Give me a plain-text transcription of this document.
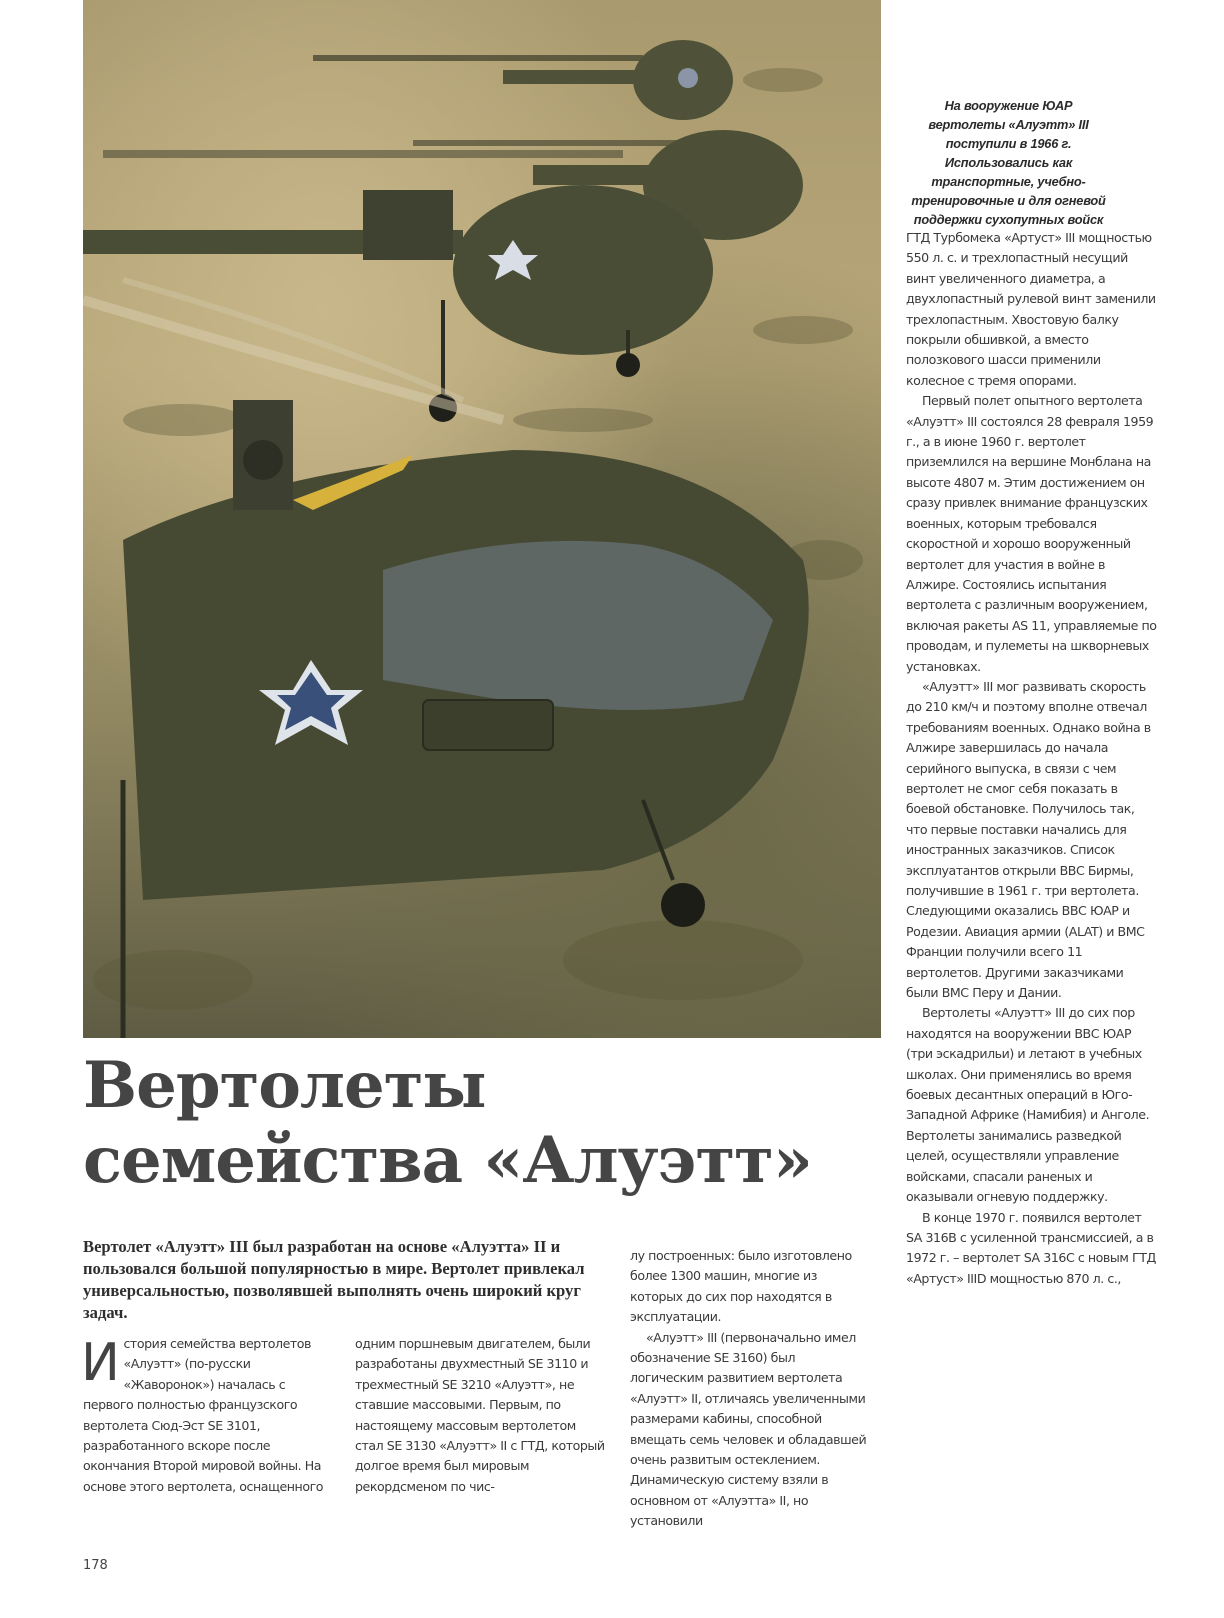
На вооружение ЮАР вертолеты «Алуэтт» III поступили в 1966 г. Использовались как транспортные, учебно-тренировочные и для огневой поддержки сухопутных войск
Вертолеты
семейства «Алуэтт»
Вертолет «Алуэтт» III был разработан на основе «Алуэтта» II и пользовался большой популярностью в мире. Вертолет привлекал универсальностью, позволявшей выполнять очень широкий круг задач.

История семейства вертолетов «Алуэтт» (по-русски «Жаворонок») началась с первого полностью французского вертолета Сюд-Эст SE 3101, разработанного вскоре после окончания Второй мировой войны. На основе этого вертолета, оснащенного

одним поршневым двигателем, были разработаны двухместный SE 3110 и трехместный SE 3210 «Алуэтт», не ставшие массовыми. Первым, по настоящему массовым вертолетом стал SE 3130 «Алуэтт» II с ГТД, который долгое время был мировым рекордсменом по чис-

лу построенных: было изготовлено более 1300 машин, многие из которых до сих пор находятся в эксплуатации.

«Алуэтт» III (первоначально имел обозначение SE 3160) был логическим развитием вертолета «Алуэтт» II, отличаясь увеличенными размерами кабины, способной вмещать семь человек и обладавшей очень развитым остеклением. Динамическую систему взяли в основном от «Алуэтта» II, но установили

ГТД Турбомека «Артуст» III мощностью 550 л. с. и трехлопастный несущий винт увеличенного диаметра, а двухлопастный рулевой винт заменили трехлопастным. Хвостовую балку покрыли обшивкой, а вместо полозкового шасси применили колесное с тремя опорами.

Первый полет опытного вертолета «Алуэтт» III состоялся 28 февраля 1959 г., а в июне 1960 г. вертолет приземлился на вершине Монблана на высоте 4807 м. Этим достижением он сразу привлек внимание французских военных, которым требовался скоростной и хорошо вооруженный вертолет для участия в войне в Алжире. Состоялись испытания вертолета с различным вооружением, включая ракеты AS 11, управляемые по проводам, и пулеметы на шкворневых установках.

«Алуэтт» III мог развивать скорость до 210 км/ч и поэтому вполне отвечал требованиям военных. Однако война в Алжире завершилась до начала серийного выпуска, в связи с чем вертолет не смог себя показать в боевой обстановке. Получилось так, что первые поставки начались для иностранных заказчиков. Список эксплуатантов открыли ВВС Бирмы, получившие в 1961 г. три вертолета. Следующими оказались ВВС ЮАР и Родезии. Авиация армии (ALAT) и ВМС Франции получили всего 11 вертолетов. Другими заказчиками были ВМС Перу и Дании.

Вертолеты «Алуэтт» III до сих пор находятся на вооружении ВВС ЮАР (три эскадрильи) и летают в учебных школах. Они применялись во время боевых десантных операций в Юго-Западной Африке (Намибия) и Анголе. Вертолеты занимались разведкой целей, осуществляли управление войсками, спасали раненых и оказывали огневую поддержку.

В конце 1970 г. появился вертолет SA 316B с усиленной трансмиссией, а в 1972 г. – вертолет SA 316C с новым ГТД «Артуст» IIID мощностью 870 л. с.,

178
